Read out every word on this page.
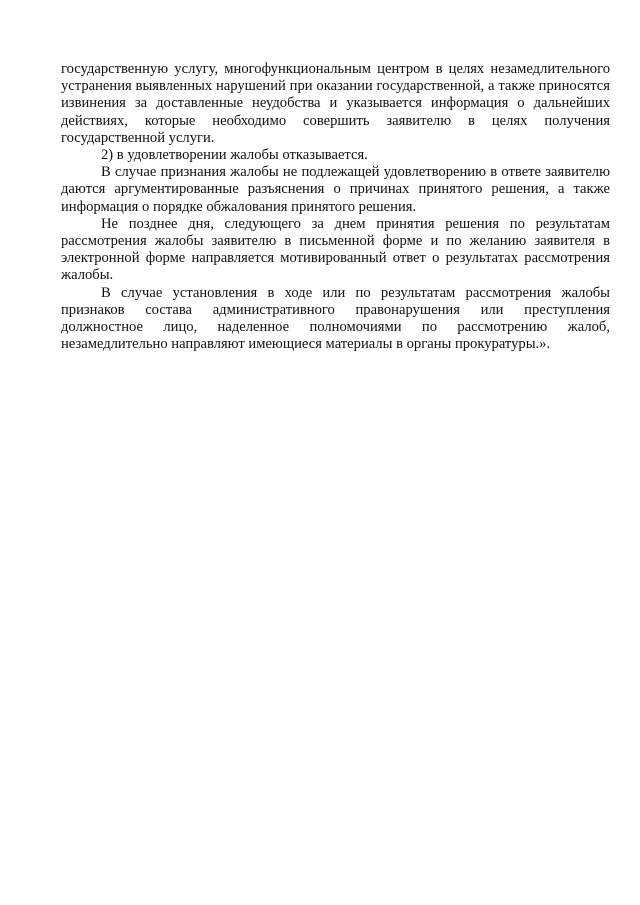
государственную услугу, многофункциональным центром в целях незамедлительного устранения выявленных нарушений при оказании государственной, а также приносятся извинения за доставленные неудобства и указывается информация о дальнейших действиях, которые необходимо совершить заявителю в целях получения государственной услуги.

2) в удовлетворении жалобы отказывается.

В случае признания жалобы не подлежащей удовлетворению в ответе заявителю даются аргументированные разъяснения о причинах принятого решения, а также информация о порядке обжалования принятого решения.

Не позднее дня, следующего за днем принятия решения по результатам рассмотрения жалобы заявителю в письменной форме и по желанию заявителя в электронной форме направляется мотивированный ответ о результатах рассмотрения жалобы.

В случае установления в ходе или по результатам рассмотрения жалобы признаков состава административного правонарушения или преступления должностное лицо, наделенное полномочиями по рассмотрению жалоб, незамедлительно направляют имеющиеся материалы в органы прокуратуры.».
